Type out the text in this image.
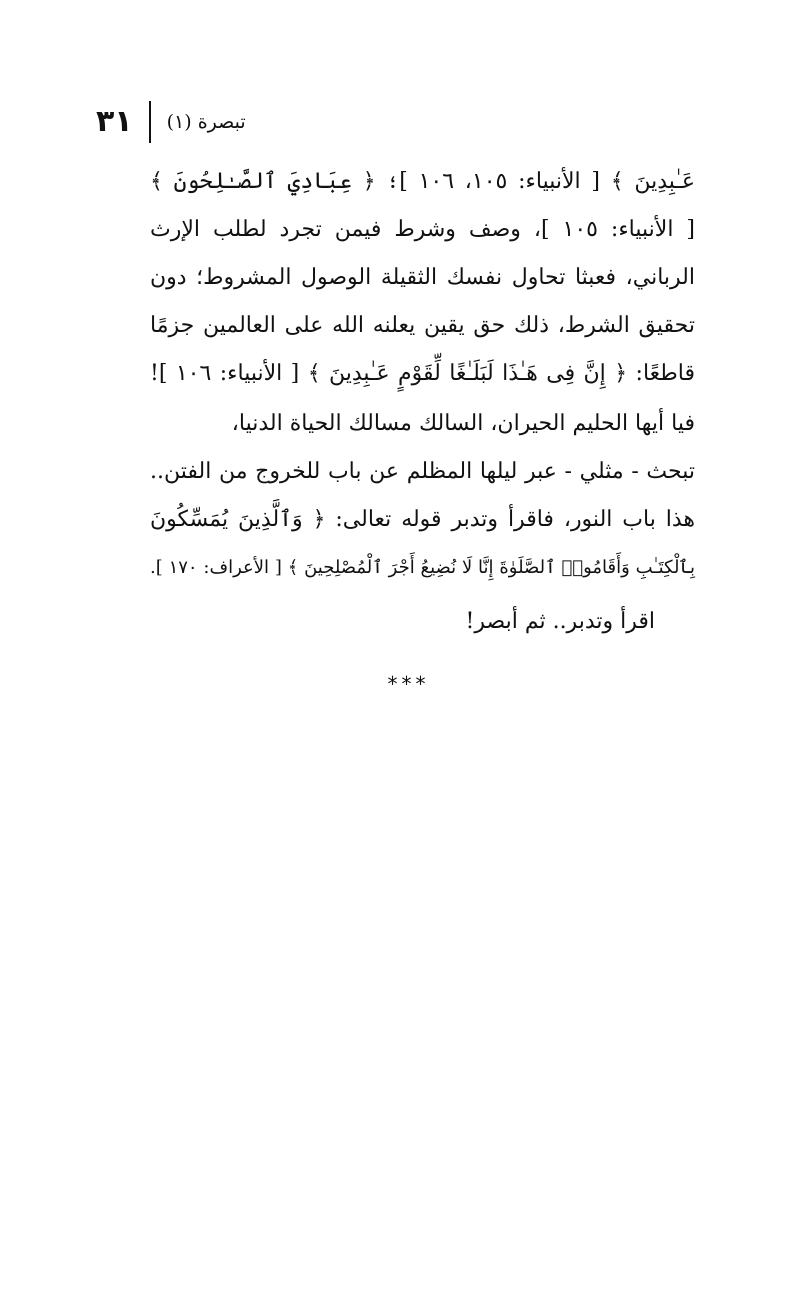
٣١ تبصرة (١)
عَـٰبِدِينَ ﴾ [ الأنبياء: ١٠٥، ١٠٦ ]؛ ﴿ عِبَادِيَ ٱلصَّـٰلِحُونَ ﴾
[ الأنبياء: ١٠٥ ]، وصف وشرط فيمن تجرد لطلب الإرث
الرباني، فعبثا تحاول نفسك الثقيلة الوصول المشروط؛ دون
تحقيق الشرط، ذلك حق يقين يعلنه الله على العالمين جزمًا
قاطعًا: ﴿ إِنَّ فِى هَـٰذَا لَبَلَـٰغًا لِّقَوْمٍ عَـٰبِدِينَ ﴾ [ الأنبياء: ١٠٦ ]!
فيا أيها الحليم الحيران، السالك مسالك الحياة الدنيا،
تبحث - مثلي - عبر ليلها المظلم عن باب للخروج من الفتن..
هذا باب النور، فاقرأ وتدبر قوله تعالى: ﴿ وَٱلَّذِينَ يُمَسِّكُونَ
بِٱلْكِتَـٰبِ وَأَقَامُوا۟ ٱلصَّلَوٰةَ إِنَّا لَا نُضِيعُ أَجْرَ ٱلْمُصْلِحِينَ ﴾ [ الأعراف: ١٧٠ ].
اقرأ وتدبر.. ثم أبصر!
***
